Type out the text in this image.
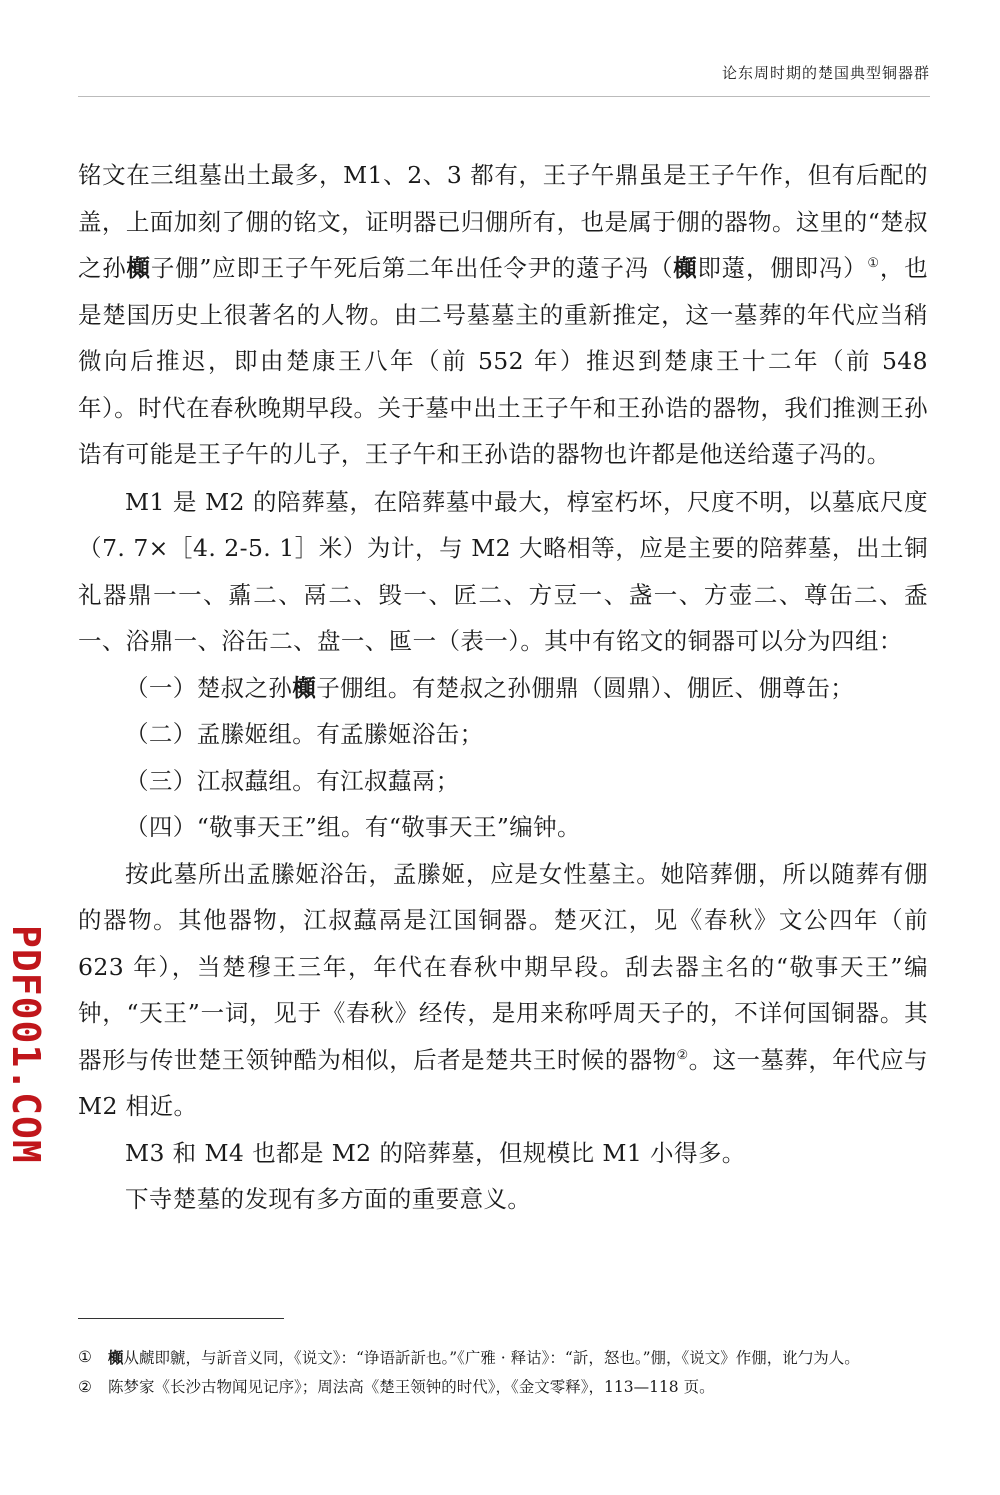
论东周时期的楚国典型铜器群

铭文在三组墓出土最多，M1、2、3 都有，王子午鼎虽是王子午作，但有后配的盖，上面加刻了倗的铭文，证明器已归倗所有，也是属于倗的器物。这里的“楚叔之孙㰜子倗”应即王子午死后第二年出任令尹的薳子冯（㰜即薳，倗即冯）①，也是楚国历史上很著名的人物。由二号墓墓主的重新推定，这一墓葬的年代应当稍微向后推迟，即由楚康王八年（前 552 年）推迟到楚康王十二年（前 548 年）。时代在春秋晚期早段。关于墓中出土王子午和王孙诰的器物，我们推测王孙诰有可能是王子午的儿子，王子午和王孙诰的器物也许都是他送给薳子冯的。

M1 是 M2 的陪葬墓，在陪葬墓中最大，椁室朽坏，尺度不明，以墓底尺度（7. 7×［4. 2-5. 1］米）为计，与 M2 大略相等，应是主要的陪葬墓，出土铜礼器鼎一一、鼒二、鬲二、毁一、匠二、方豆一、盏一、方壶二、尊缶二、盉一、浴鼎一、浴缶二、盘一、匜一（表一）。其中有铭文的铜器可以分为四组：

（一）楚叔之孙㰜子倗组。有楚叔之孙倗鼎（圆鼎）、倗匠、倗尊缶；

（二）孟縢姬组。有孟縢姬浴缶；

（三）江叔蠚组。有江叔蠚鬲；

（四）“敬事天王”组。有“敬事天王”编钟。

按此墓所出孟縢姬浴缶，孟縢姬，应是女性墓主。她陪葬倗，所以随葬有倗的器物。其他器物，江叔蠚鬲是江国铜器。楚灭江，见《春秋》文公四年（前 623 年），当楚穆王三年，年代在春秋中期早段。刮去器主名的“敬事天王”编钟，“天王”一词，见于《春秋》经传，是用来称呼周天子的，不详何国铜器。其器形与传世楚王领钟酷为相似，后者是楚共王时候的器物②。这一墓葬，年代应与 M2 相近。

M3 和 M4 也都是 M2 的陪葬墓，但规模比 M1 小得多。

下寺楚墓的发现有多方面的重要意义。

PDF001.COM
①	㰜从虤即虩，与訢音义同，《说文》：“诤语訢訢也。”《广雅 · 释诂》：“訢，怒也。”倗，《说文》作倗，讹勹为人。
②	陈梦家《长沙古物闻见记序》；周法高《楚王领钟的时代》，《金文零释》，113—118 页。
